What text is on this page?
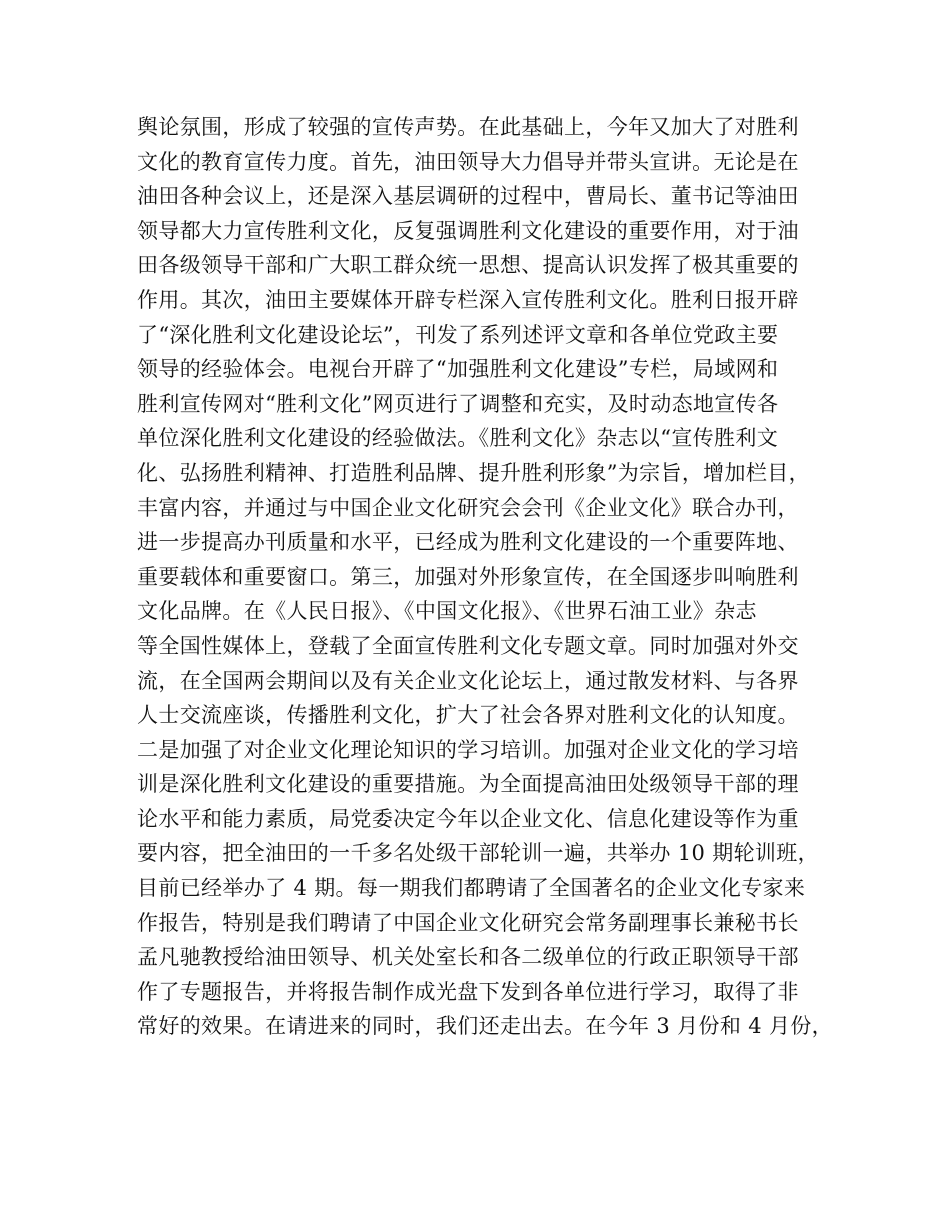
舆论氛围，形成了较强的宣传声势。在此基础上，今年又加大了对胜利
文化的教育宣传力度。首先，油田领导大力倡导并带头宣讲。无论是在
油田各种会议上，还是深入基层调研的过程中，曹局长、董书记等油田
领导都大力宣传胜利文化，反复强调胜利文化建设的重要作用，对于油
田各级领导干部和广大职工群众统一思想、提高认识发挥了极其重要的
作用。其次，油田主要媒体开辟专栏深入宣传胜利文化。胜利日报开辟
了“深化胜利文化建设论坛”，刊发了系列述评文章和各单位党政主要
领导的经验体会。电视台开辟了“加强胜利文化建设”专栏，局域网和
胜利宣传网对“胜利文化”网页进行了调整和充实，及时动态地宣传各
单位深化胜利文化建设的经验做法。《胜利文化》杂志以“宣传胜利文
化、弘扬胜利精神、打造胜利品牌、提升胜利形象”为宗旨，增加栏目，
丰富内容，并通过与中国企业文化研究会会刊《企业文化》联合办刊，
进一步提高办刊质量和水平，已经成为胜利文化建设的一个重要阵地、
重要载体和重要窗口。第三，加强对外形象宣传，在全国逐步叫响胜利
文化品牌。在《人民日报》、《中国文化报》、《世界石油工业》杂志
等全国性媒体上，登载了全面宣传胜利文化专题文章。同时加强对外交
流，在全国两会期间以及有关企业文化论坛上，通过散发材料、与各界
人士交流座谈，传播胜利文化，扩大了社会各界对胜利文化的认知度。
二是加强了对企业文化理论知识的学习培训。加强对企业文化的学习培
训是深化胜利文化建设的重要措施。为全面提高油田处级领导干部的理
论水平和能力素质，局党委决定今年以企业文化、信息化建设等作为重
要内容，把全油田的一千多名处级干部轮训一遍，共举办 10 期轮训班，
目前已经举办了 4 期。每一期我们都聘请了全国著名的企业文化专家来
作报告，特别是我们聘请了中国企业文化研究会常务副理事长兼秘书长
孟凡驰教授给油田领导、机关处室长和各二级单位的行政正职领导干部
作了专题报告，并将报告制作成光盘下发到各单位进行学习，取得了非
常好的效果。在请进来的同时，我们还走出去。在今年 3 月份和 4 月份，
